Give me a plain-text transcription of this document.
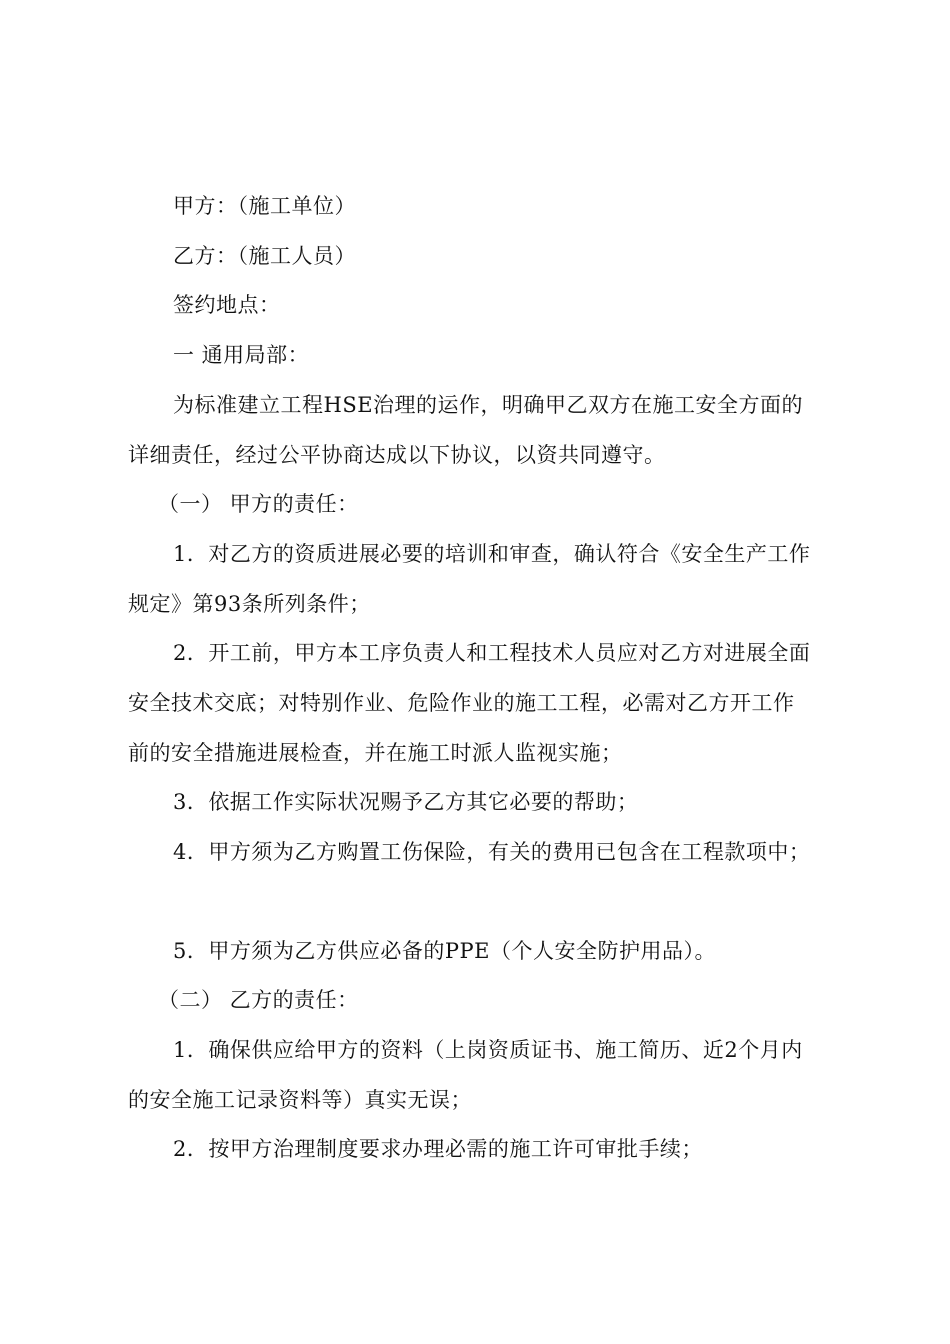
甲方：（施工单位）
乙方：（施工人员）
签约地点：
一 通用局部：
为标准建立工程HSE治理的运作，明确甲乙双方在施工安全方面的
详细责任，经过公平协商达成以下协议，以资共同遵守。
（一） 甲方的责任：
1．对乙方的资质进展必要的培训和审查，确认符合《安全生产工作
规定》第93条所列条件；
2．开工前，甲方本工序负责人和工程技术人员应对乙方对进展全面
安全技术交底；对特别作业、危险作业的施工工程，必需对乙方开工作
前的安全措施进展检查，并在施工时派人监视实施；
3．依据工作实际状况赐予乙方其它必要的帮助；
4．甲方须为乙方购置工伤保险，有关的费用已包含在工程款项中；
5．甲方须为乙方供应必备的PPE（个人安全防护用品）。
（二） 乙方的责任：
1．确保供应给甲方的资料（上岗资质证书、施工简历、近2个月内
的安全施工记录资料等）真实无误；
2．按甲方治理制度要求办理必需的施工许可审批手续；
